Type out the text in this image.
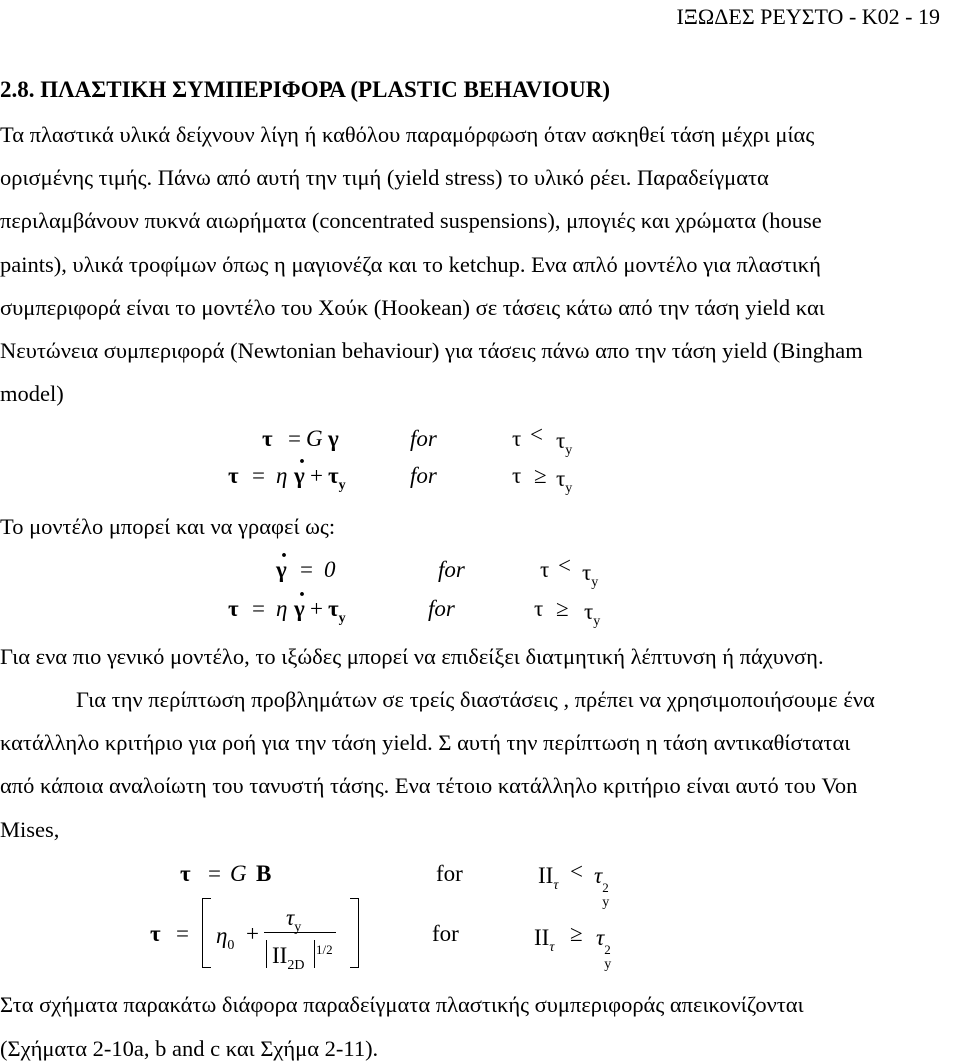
ΙΞΩΔΕΣ ΡΕΥΣΤΟ - Κ02 - 19
2.8. ΠΛΑΣΤΙΚΗ ΣΥΜΠΕΡΙΦΟΡΑ (PLASTIC BEHAVIOUR)
Τα πλαστικά υλικά δείχνουν λίγη ή καθόλου παραμόρφωση όταν ασκηθεί τάση μέχρι μίας
ορισμένης τιμής. Πάνω από αυτή την τιμή (yield stress) το υλικό ρέει. Παραδείγματα
περιλαμβάνουν πυκνά αιωρήματα (concentrated suspensions), μπογιές και χρώματα (house
paints), υλικά τροφίμων όπως η μαγιονέζα και το ketchup. Ενα απλό μοντέλο για πλαστική
συμπεριφορά είναι το μοντέλο του Χούκ (Hookean) σε τάσεις κάτω από την τάση yield και
Νευτώνεια συμπεριφορά (Newtonian behaviour) για τάσεις πάνω απο την τάση yield (Bingham
model)
τ = G γ	for	$\tau < \tau_y$
τ = η
· $\gamma + \tau_y$	for	$\tau \ge \tau_y$
Το μοντέλο μπορεί και να γραφεί ως:
· γ = 0	for	$\tau < \tau_y$
τ = η
· $\gamma + \tau_y$	for	$\tau \ge \tau_y$
Για ενα πιο γενικό μοντέλο, το ιξώδες μπορεί να επιδείξει διατμητική λέπτυνση ή πάχυνση.
Για την περίπτωση προβλημάτων σε τρείς διαστάσεις , πρέπει να χρησιμοποιήσουμε ένα
κατάλληλο κριτήριο για ροή για την τάση yield. Σ αυτή την περίπτωση η τάση αντικαθίσταται
από κάποια αναλοίωτη του τανυστή τάσης. Ενα τέτοιο κατάλληλο κριτήριο είναι αυτό του Von
Mises,
τ = G B	for	$II_\tau$
< τ 2
y
$\tau = \eta_0$ +
$\tau_y$
$II_{2D}$
$^{1/2}$
for	$II_\tau$
≥ τ 2
y
Στα σχήματα παρακάτω διάφορα παραδείγματα πλαστικής συμπεριφοράς απεικονίζονται
(Σχήματα 2-10a, b and c και Σχήμα 2-11).
